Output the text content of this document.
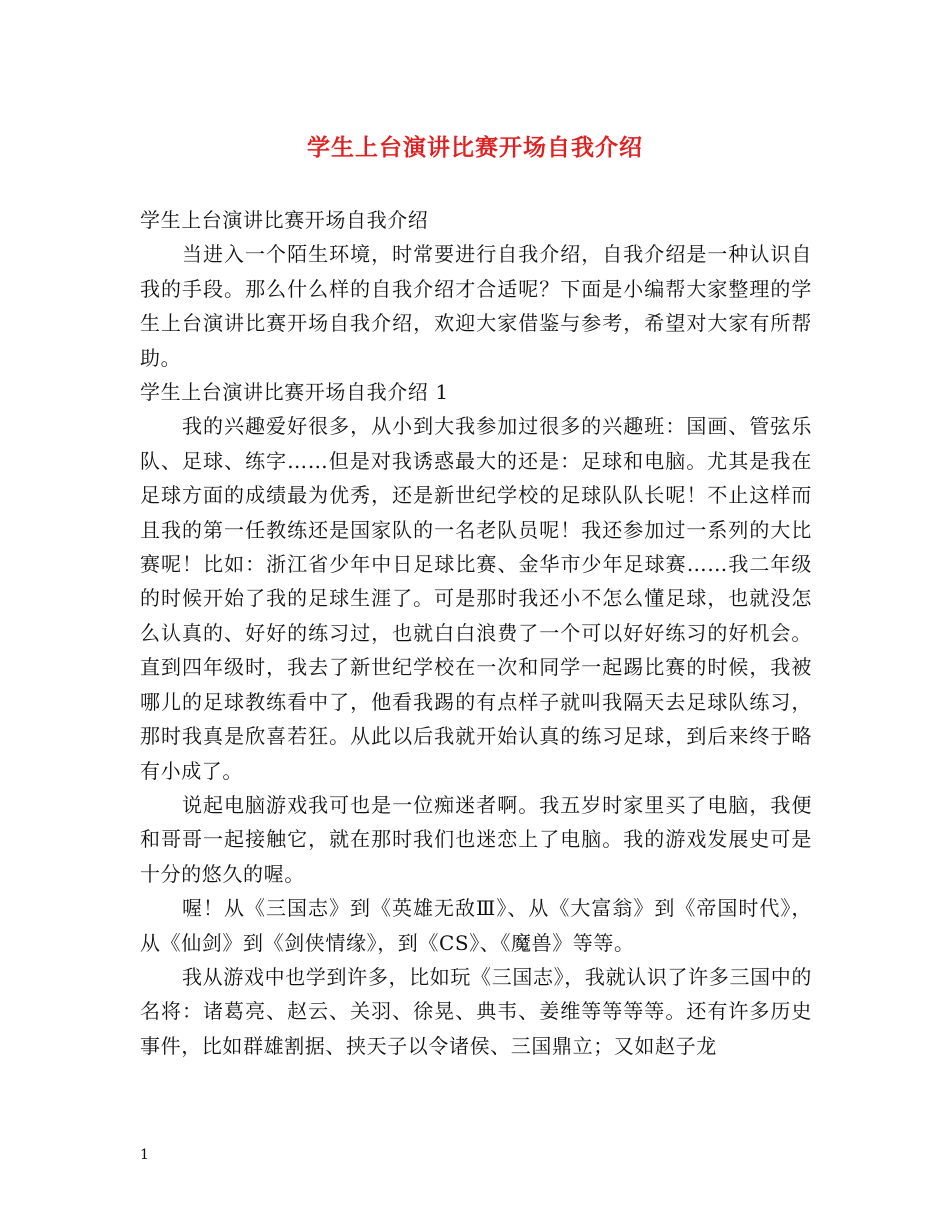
学生上台演讲比赛开场自我介绍

学生上台演讲比赛开场自我介绍

当进入一个陌生环境，时常要进行自我介绍，自我介绍是一种认识自我的手段。那么什么样的自我介绍才合适呢？下面是小编帮大家整理的学生上台演讲比赛开场自我介绍，欢迎大家借鉴与参考，希望对大家有所帮助。

学生上台演讲比赛开场自我介绍 1

我的兴趣爱好很多，从小到大我参加过很多的兴趣班：国画、管弦乐队、足球、练字……但是对我诱惑最大的还是：足球和电脑。尤其是我在足球方面的成绩最为优秀，还是新世纪学校的足球队队长呢！不止这样而且我的第一任教练还是国家队的一名老队员呢！我还参加过一系列的大比赛呢！比如：浙江省少年中日足球比赛、金华市少年足球赛……我二年级的时候开始了我的足球生涯了。可是那时我还小不怎么懂足球，也就没怎么认真的、好好的练习过，也就白白浪费了一个可以好好练习的好机会。直到四年级时，我去了新世纪学校在一次和同学一起踢比赛的时候，我被哪儿的足球教练看中了，他看我踢的有点样子就叫我隔天去足球队练习，那时我真是欣喜若狂。从此以后我就开始认真的练习足球，到后来终于略有小成了。

说起电脑游戏我可也是一位痴迷者啊。我五岁时家里买了电脑，我便和哥哥一起接触它，就在那时我们也迷恋上了电脑。我的游戏发展史可是十分的悠久的喔。

喔！从《三国志》到《英雄无敌Ⅲ》、从《大富翁》到《帝国时代》，从《仙剑》到《剑侠情缘》，到《CS》、《魔兽》等等。

我从游戏中也学到许多，比如玩《三国志》，我就认识了许多三国中的名将：诸葛亮、赵云、关羽、徐晃、典韦、姜维等等等等。还有许多历史事件，比如群雄割据、挟天子以令诸侯、三国鼎立；又如赵子龙

1
